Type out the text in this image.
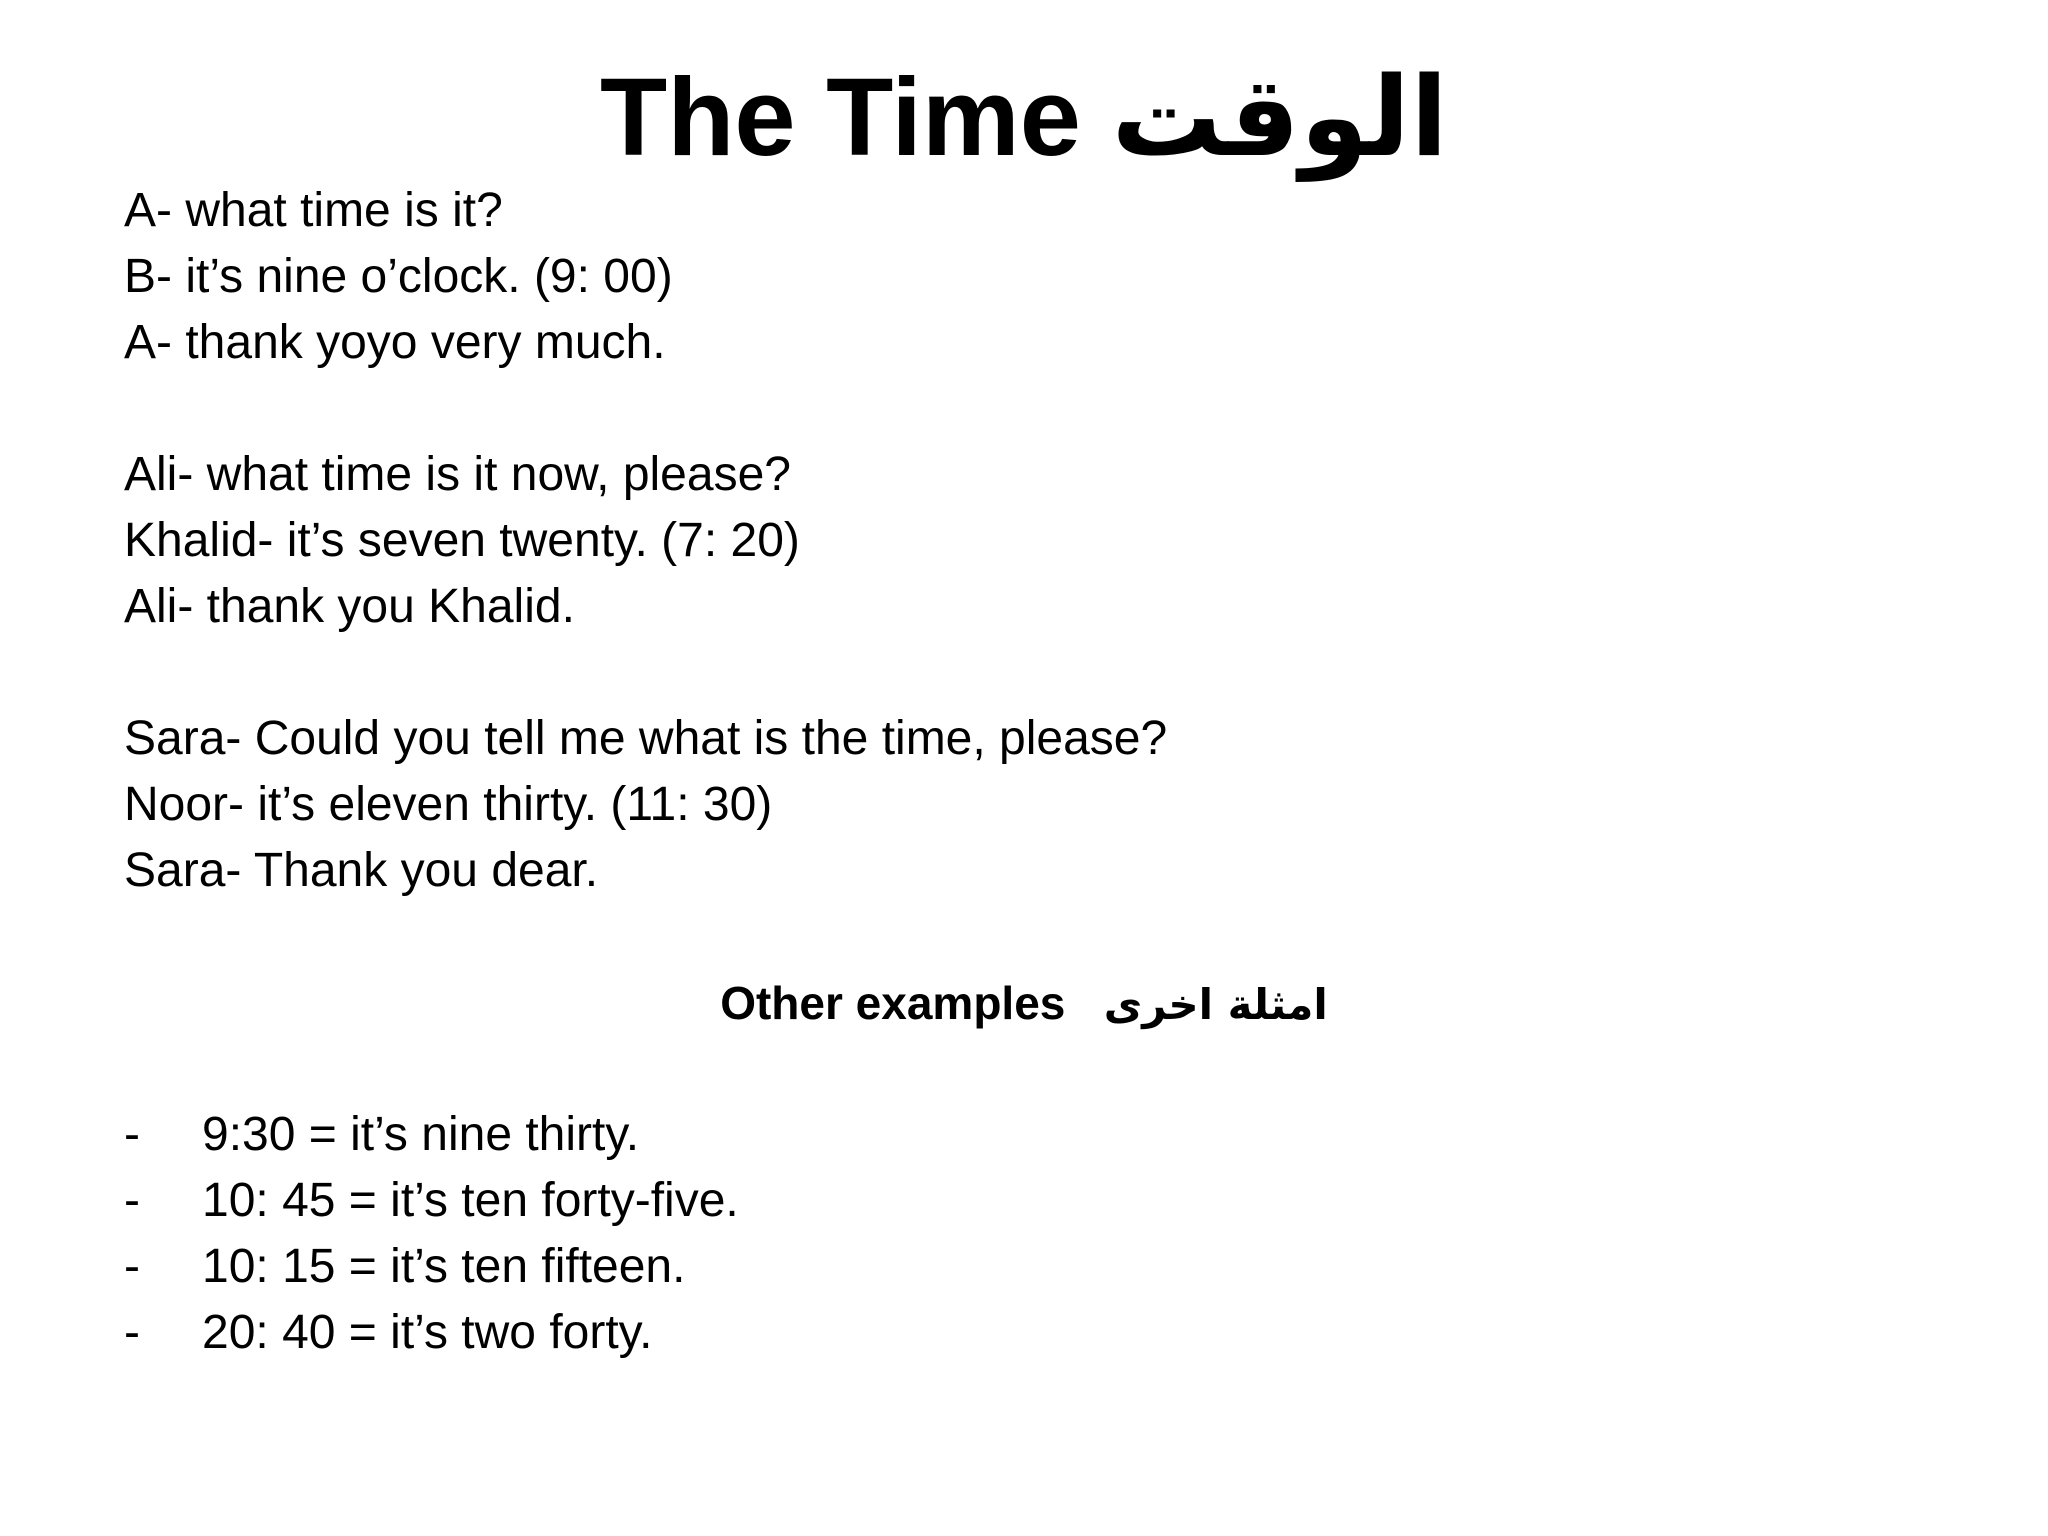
The Time الوقت
A- what time is it?
B- it’s nine o’clock. (9: 00)
A- thank yoyo very much.
Ali- what time is it now, please?
Khalid- it’s seven twenty. (7: 20)
Ali- thank you Khalid.
Sara- Could you tell me what is the time, please?
Noor- it’s eleven thirty. (11: 30)
Sara- Thank you dear.
Other examples امثلة اخرى
-	9:30 = it’s nine thirty.
-	10: 45 = it’s ten forty-five.
-	10: 15 = it’s ten fifteen.
-	20: 40 = it’s two forty.
